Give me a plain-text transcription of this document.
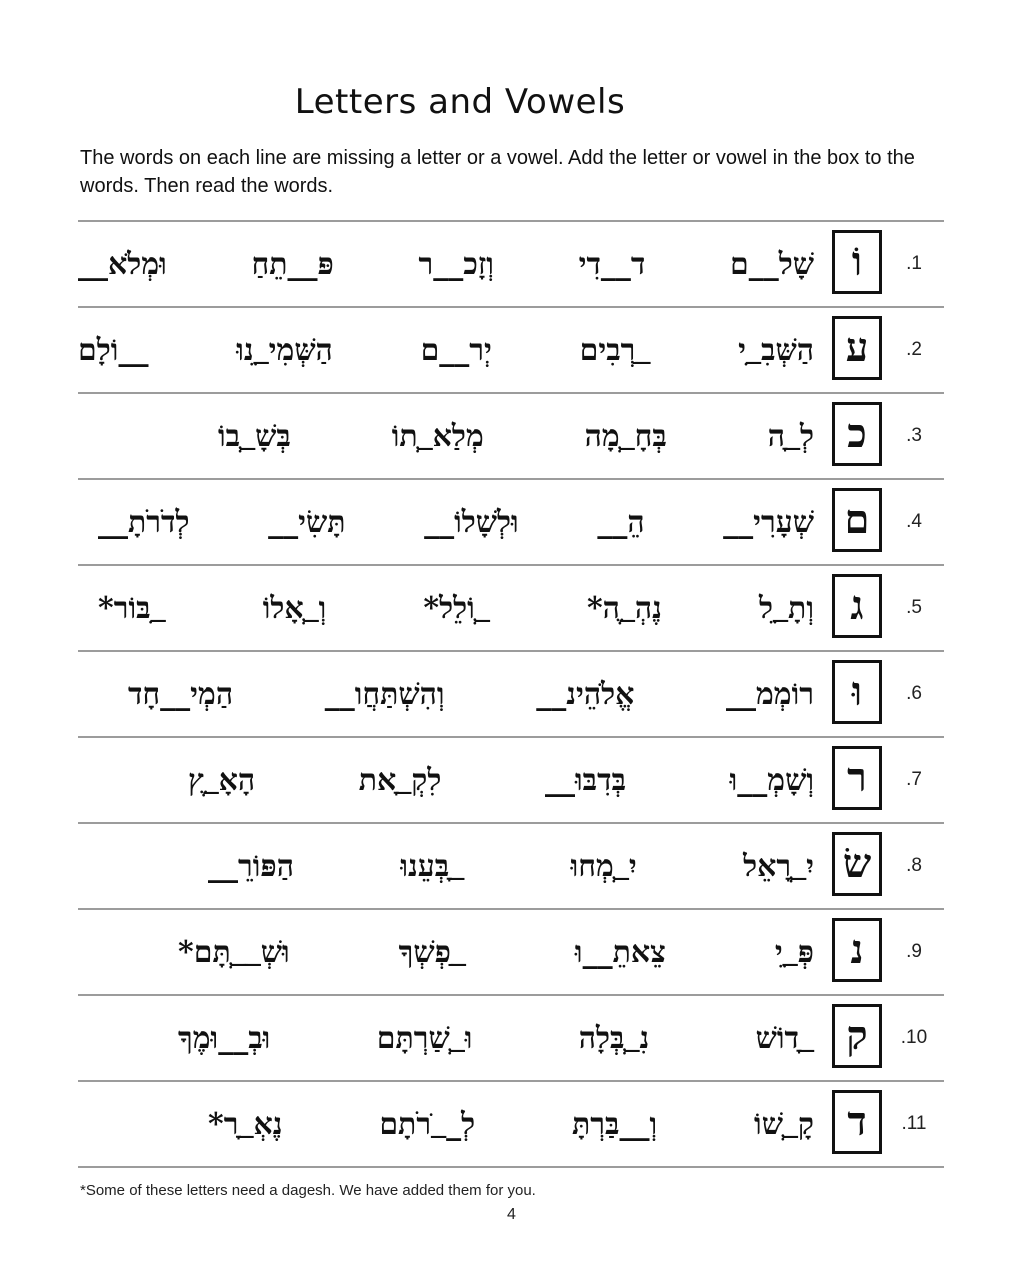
Letters and Vowels
The words on each line are missing a letter or a vowel. Add the letter or vowel in the box to the words. Then read the words.
.1
וֹ
שָׁל__ם
ד__דִי
וְזָכ__ר
פּ__תֵחַ
וּמְלֹא__
.2
ע
הַשְּׁבִ_ִי
_ַרְבִים
יְר__ם
הַשְּׁמִי_ֵנוּ
__וֹלָם
.3
כ
לְ_ָה
בְּחָ_ְמָה
מְלַא_ְתוֹ
בְּשָׁ_ְבוֹ
.4
ם
שְׁעָרִי__
הֵ__
וּלְשָׁלוֹ__
תָּשִׂי__
לְדֹרֹתָ__
.5
ג
וְתָ_ֵל
נֶהְ_ֶה*
_ְוֹלֵל*
וְ_ְאָלוֹ
_ִבּוֹר*
.6
וּ
רוֹמְמ__
אֱלֹהֵינ__
וְהִשְׁתַּחֲו__
הַמְי__חָד
.7
ר
וְשָׁמְ__וּ
בְּדִבּוּ__
לִקְ_ָאת
הָאָ_ֶץ
.8
שׂ
יִ_ְרָאֵל
יִ_ְמְחוּ
_ָבְּעֵנוּ
הַפּוֹרֵ__
.9
נ
פְּ_ֵי
צֵאתֵ__וּ
_ַפְשְׁךָ
וּשְׁ_ַ_ְתָּם*
.10
ק
_ָדוֹשׁ
נִ_ְבְּלָה
וּ_ְשַׁרְתָּם
וּבְ__וּמֶךָ
.11
ד
קָ_ְשׁוֹ
וְ__בַּרְתָּ
לְ__ֹרֹתָם
נֶאְ_ָר*
*Some of these letters need a dagesh. We have added them for you.
4
